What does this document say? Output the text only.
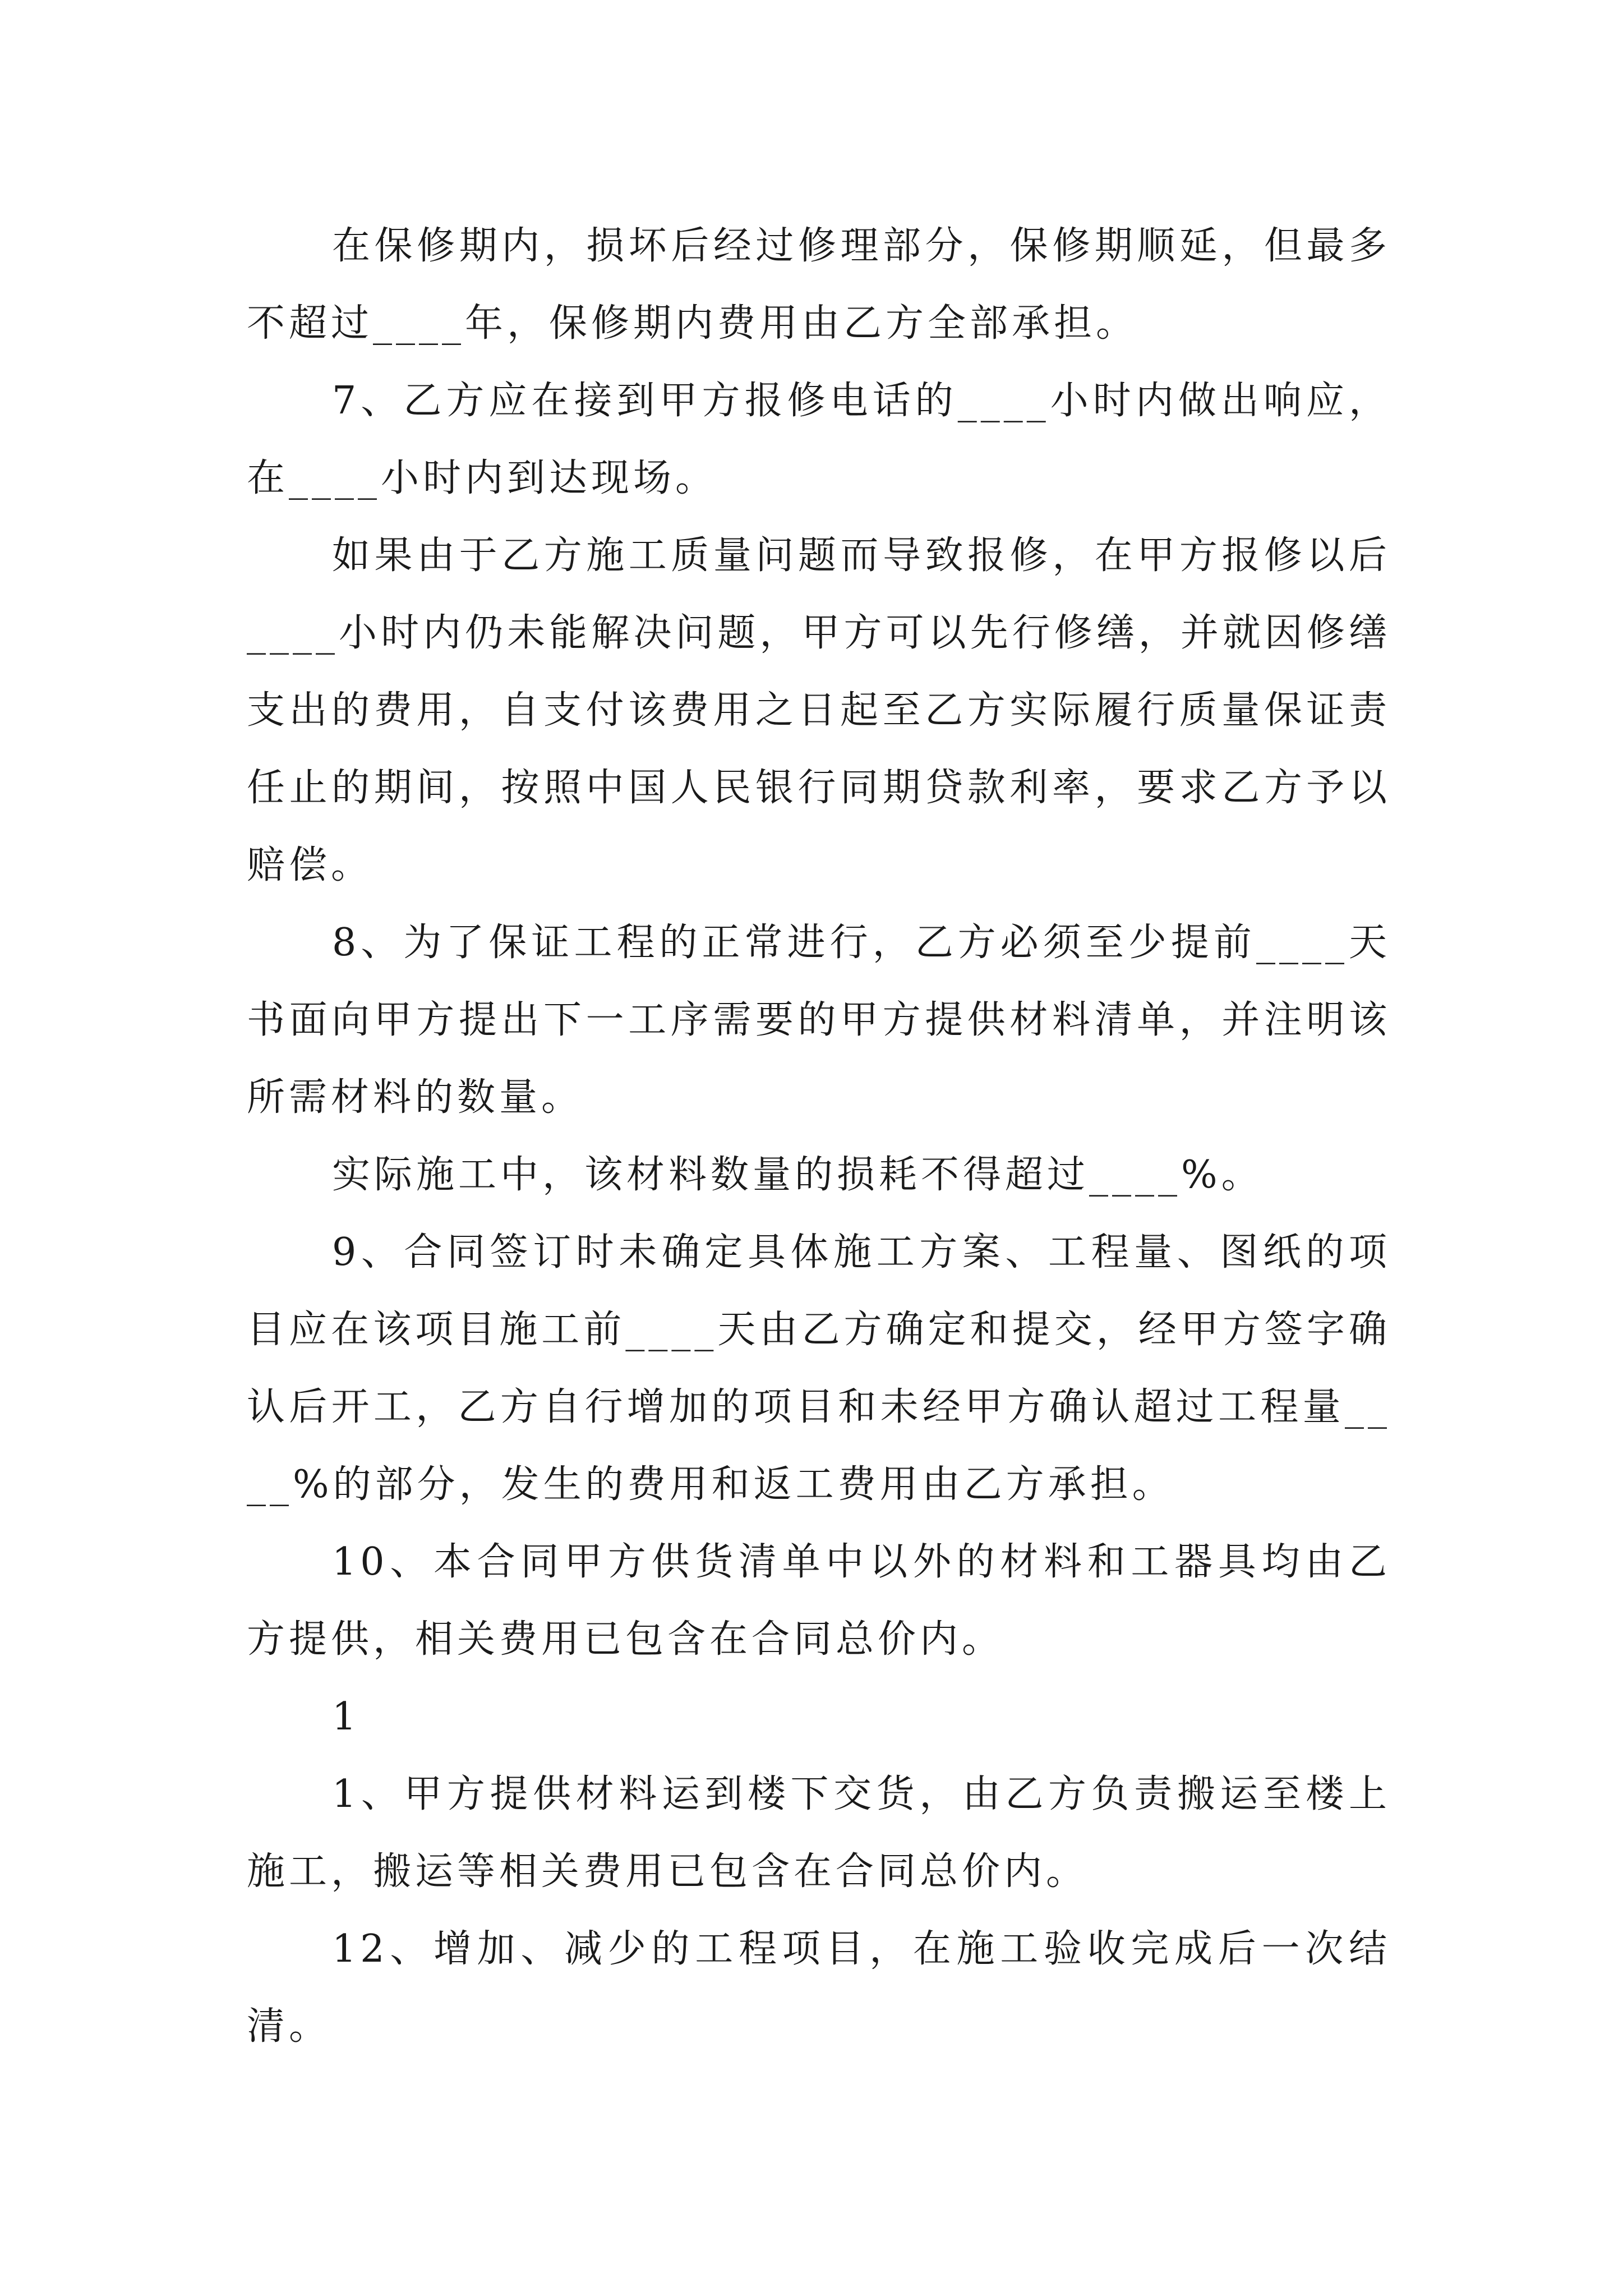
在保修期内，损坏后经过修理部分，保修期顺延，但最多不超过____年，保修期内费用由乙方全部承担。

7、乙方应在接到甲方报修电话的____小时内做出响应，在____小时内到达现场。

如果由于乙方施工质量问题而导致报修，在甲方报修以后____小时内仍未能解决问题，甲方可以先行修缮，并就因修缮支出的费用，自支付该费用之日起至乙方实际履行质量保证责任止的期间，按照中国人民银行同期贷款利率，要求乙方予以赔偿。

8、为了保证工程的正常进行，乙方必须至少提前____天书面向甲方提出下一工序需要的甲方提供材料清单，并注明该所需材料的数量。

实际施工中，该材料数量的损耗不得超过____%。

9、合同签订时未确定具体施工方案、工程量、图纸的项目应在该项目施工前____天由乙方确定和提交，经甲方签字确认后开工，乙方自行增加的项目和未经甲方确认超过工程量____%的部分，发生的费用和返工费用由乙方承担。

10、本合同甲方供货清单中以外的材料和工器具均由乙方提供，相关费用已包含在合同总价内。

1

1、甲方提供材料运到楼下交货，由乙方负责搬运至楼上施工，搬运等相关费用已包含在合同总价内。

12、增加、减少的工程项目，在施工验收完成后一次结清。
